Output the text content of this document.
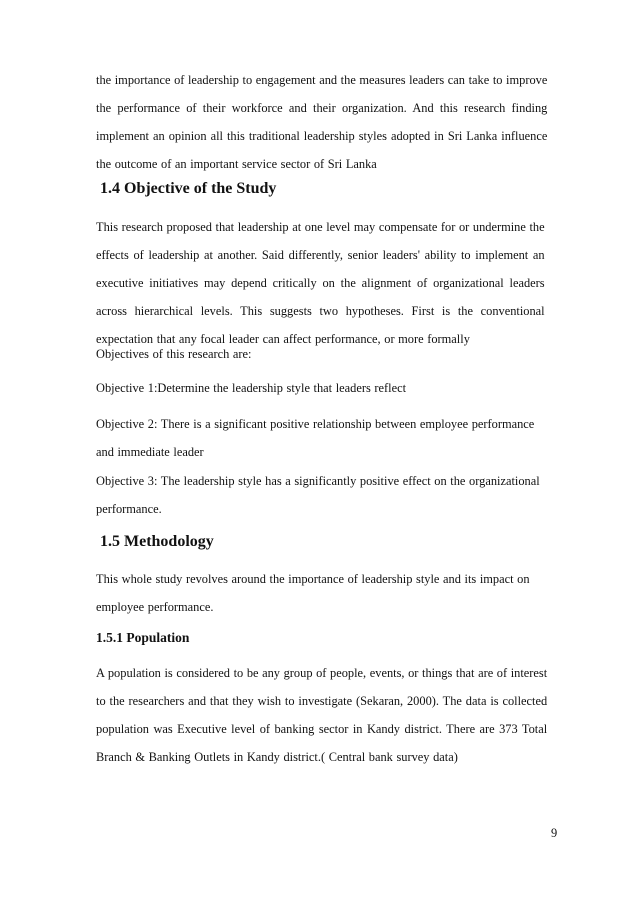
the importance of leadership to engagement and the measures leaders can take to improve

the performance of their workforce and their organization. And this research finding

implement an opinion all this traditional leadership styles adopted in Sri Lanka influence

the outcome of an important service sector of Sri Lanka

1.4 Objective of the Study

This research proposed that leadership at one level may compensate for or undermine the

effects of leadership at another. Said differently, senior leaders' ability to implement an

executive initiatives may depend critically on the alignment of organizational leaders

across hierarchical levels. This suggests two hypotheses. First is the conventional

expectation that any focal leader can affect performance, or more formally

Objectives of this research are:

Objective 1:Determine the leadership style that leaders reflect

Objective 2: There is a significant positive relationship between employee performance

and immediate leader

Objective 3: The leadership style has a significantly positive effect on the organizational

performance.

1.5 Methodology

This whole study revolves around the importance of leadership style and its impact on

employee performance.

1.5.1 Population

A population is considered to be any group of people, events, or things that are of interest

to the researchers and that they wish to investigate (Sekaran, 2000). The data is collected

population was Executive level of banking sector in Kandy district. There are 373 Total

Branch & Banking Outlets in Kandy district.( Central bank survey data)

9
